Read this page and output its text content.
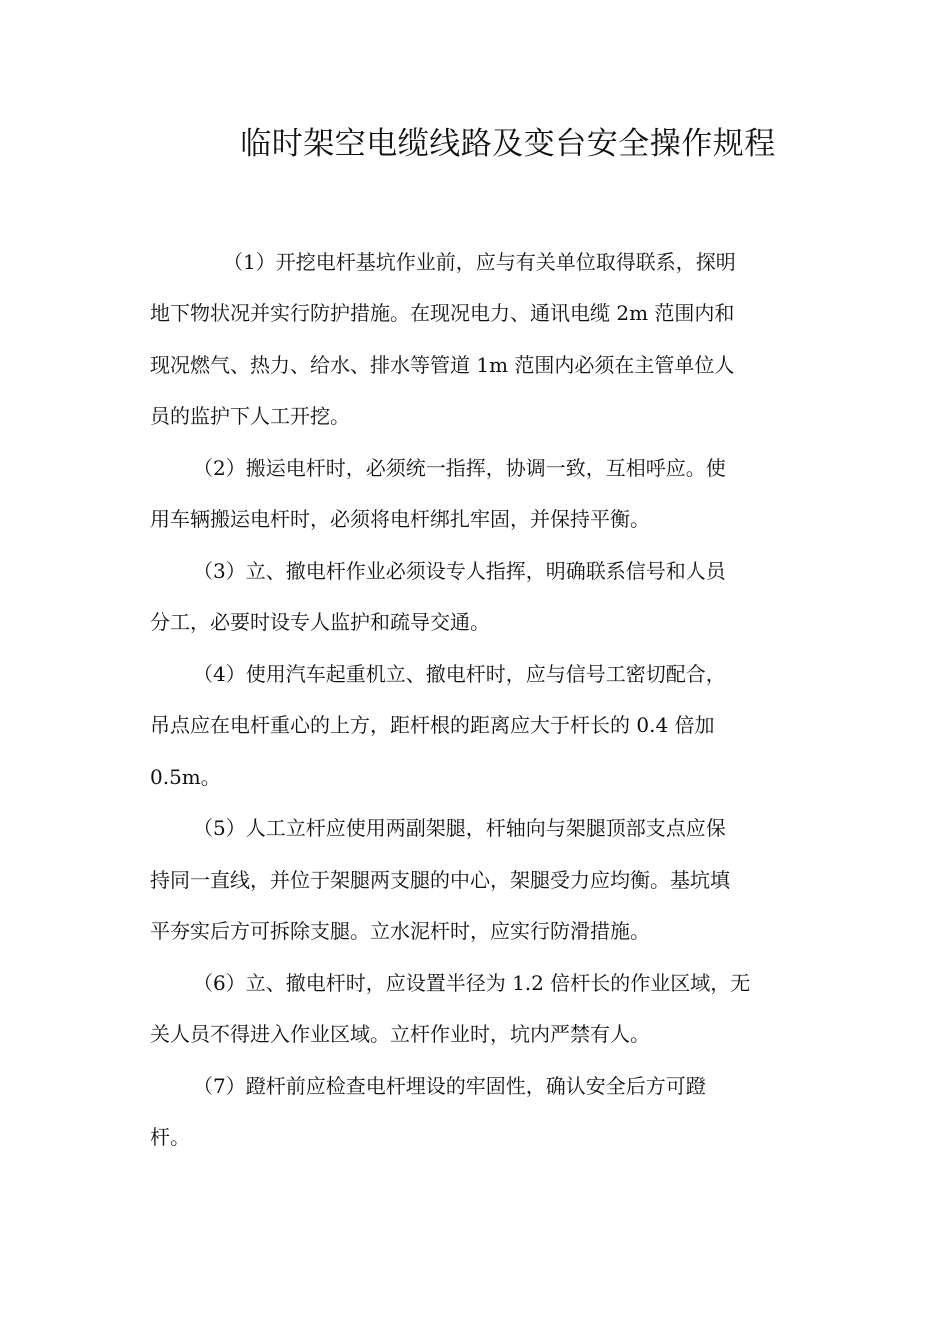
临时架空电缆线路及变台安全操作规程
（1）开挖电杆基坑作业前，应与有关单位取得联系，探明
地下物状况并实行防护措施。在现况电力、通讯电缆 2m 范围内和
现况燃气、热力、给水、排水等管道 1m 范围内必须在主管单位人
员的监护下人工开挖。
（2）搬运电杆时，必须统一指挥，协调一致，互相呼应。使
用车辆搬运电杆时，必须将电杆绑扎牢固，并保持平衡。
（3）立、撤电杆作业必须设专人指挥，明确联系信号和人员
分工，必要时设专人监护和疏导交通。
（4）使用汽车起重机立、撤电杆时，应与信号工密切配合，
吊点应在电杆重心的上方，距杆根的距离应大于杆长的 0.4 倍加
0.5m。
（5）人工立杆应使用两副架腿，杆轴向与架腿顶部支点应保
持同一直线，并位于架腿两支腿的中心，架腿受力应均衡。基坑填
平夯实后方可拆除支腿。立水泥杆时，应实行防滑措施。
（6）立、撤电杆时，应设置半径为 1.2 倍杆长的作业区域，无
关人员不得进入作业区域。立杆作业时，坑内严禁有人。
（7）蹬杆前应检查电杆埋设的牢固性，确认安全后方可蹬
杆。
